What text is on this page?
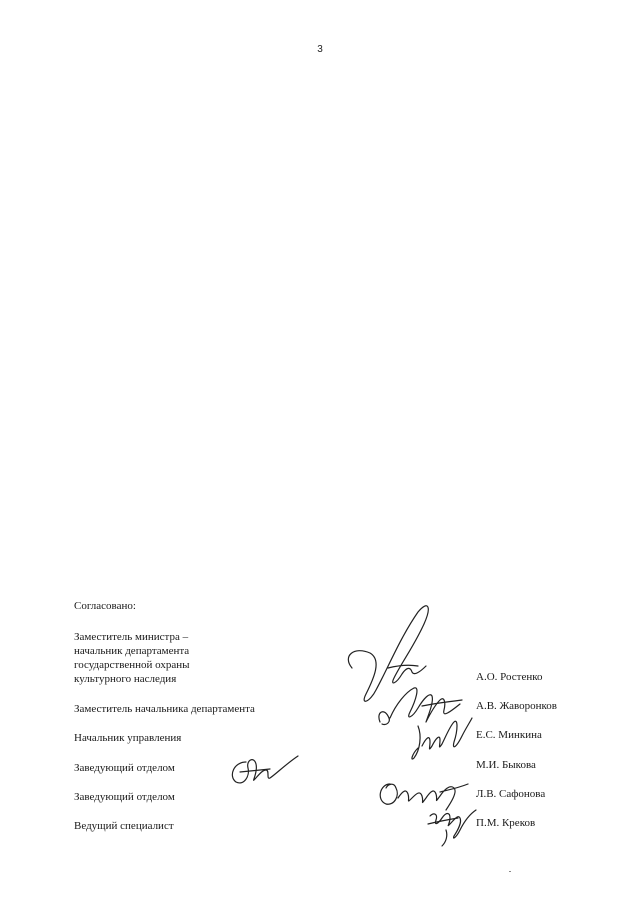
3
Согласовано:
Заместитель министра –
начальник департамента
государственной охраны
культурного наследия	А.О. Ростенко
Заместитель начальника департамента	А.В. Жаворонков
Начальник управления	Е.С. Минкина
Заведующий отделом	М.И. Быкова
Заведующий отделом	Л.В. Сафонова
Ведущий специалист	П.М. Креков
